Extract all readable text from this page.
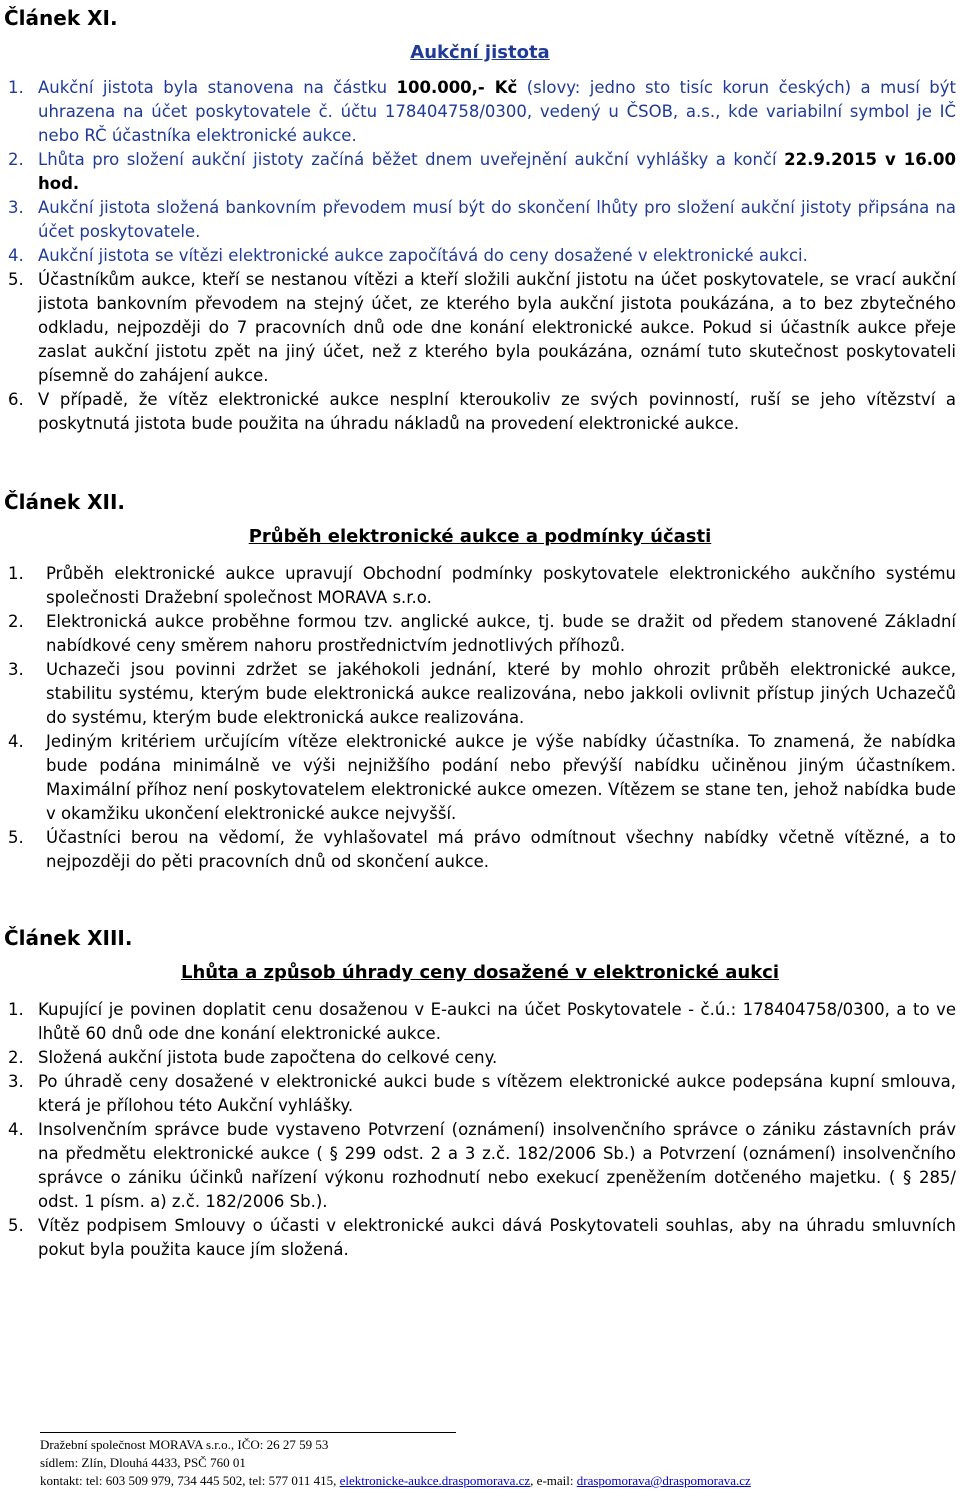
Článek XI.
Aukční jistota
1. Aukční jistota byla stanovena na částku 100.000,- Kč (slovy: jedno sto tisíc korun českých) a musí být uhrazena na účet poskytovatele č. účtu 178404758/0300, vedený u ČSOB, a.s., kde variabilní symbol je IČ nebo RČ účastníka elektronické aukce.
2. Lhůta pro složení aukční jistoty začíná běžet dnem uveřejnění aukční vyhlášky a končí 22.9.2015 v 16.00 hod.
3. Aukční jistota složená bankovním převodem musí být do skončení lhůty pro složení aukční jistoty připsána na účet poskytovatele.
4. Aukční jistota se vítězi elektronické aukce započítává do ceny dosažené v elektronické aukci.
5. Účastníkům aukce, kteří se nestanou vítězi a kteří složili aukční jistotu na účet poskytovatele, se vrací aukční jistota bankovním převodem na stejný účet, ze kterého byla aukční jistota poukázána, a to bez zbytečného odkladu, nejpozději do 7 pracovních dnů ode dne konání elektronické aukce. Pokud si účastník aukce přeje zaslat aukční jistotu zpět na jiný účet, než z kterého byla poukázána, oznámí tuto skutečnost poskytovateli písemně do zahájení aukce.
6. V případě, že vítěz elektronické aukce nesplní kteroukoliv ze svých povinností, ruší se jeho vítězství a poskytnutá jistota bude použita na úhradu nákladů na provedení elektronické aukce.
Článek XII.
Průběh elektronické aukce a podmínky účasti
1. Průběh elektronické aukce upravují Obchodní podmínky poskytovatele elektronického aukčního systému společnosti Dražební společnost MORAVA s.r.o.
2. Elektronická aukce proběhne formou tzv. anglické aukce, tj. bude se dražit od předem stanovené Základní nabídkové ceny směrem nahoru prostřednictvím jednotlivých příhozů.
3. Uchazeči jsou povinni zdržet se jakéhokoli jednání, které by mohlo ohrozit průběh elektronické aukce, stabilitu systému, kterým bude elektronická aukce realizována, nebo jakkoli ovlivnit přístup jiných Uchazečů do systému, kterým bude elektronická aukce realizována.
4. Jediným kritériem určujícím vítěze elektronické aukce je výše nabídky účastníka. To znamená, že nabídka bude podána minimálně ve výši nejnižšího podání nebo převýší nabídku učiněnou jiným účastníkem. Maximální příhoz není poskytovatelem elektronické aukce omezen. Vítězem se stane ten, jehož nabídka bude v okamžiku ukončení elektronické aukce nejvyšší.
5. Účastníci berou na vědomí, že vyhlašovatel má právo odmítnout všechny nabídky včetně vítězné, a to nejpozději do pěti pracovních dnů od skončení aukce.
Článek XIII.
Lhůta a způsob úhrady ceny dosažené v elektronické aukci
1. Kupující je povinen doplatit cenu dosaženou v E-aukci na účet Poskytovatele - č.ú.: 178404758/0300, a to ve lhůtě 60 dnů ode dne konání elektronické aukce.
2. Složená aukční jistota bude započtena do celkové ceny.
3. Po úhradě ceny dosažené v elektronické aukci bude s vítězem elektronické aukce podepsána kupní smlouva, která je přílohou této Aukční vyhlášky.
4. Insolvenčním správce bude vystaveno Potvrzení (oznámení) insolvenčního správce o zániku zástavních práv na předmětu elektronické aukce ( § 299 odst. 2 a 3 z.č. 182/2006 Sb.) a Potvrzení (oznámení) insolvenčního správce o zániku účinků nařízení výkonu rozhodnutí nebo exekucí zpeněžením dotčeného majetku. ( § 285/ odst. 1 písm. a) z.č. 182/2006 Sb.).
5. Vítěz podpisem Smlouvy o účasti v elektronické aukci dává Poskytovateli souhlas, aby na úhradu smluvních pokut byla použita kauce jím složená.
Dražební společnost MORAVA s.r.o., IČO: 26 27 59 53
sídlem: Zlín, Dlouhá 4433, PSČ 760 01
kontakt: tel: 603 509 979, 734 445 502, tel: 577 011 415, elektronicke-aukce.draspomorava.cz, e-mail: draspomorava@draspomorava.cz
